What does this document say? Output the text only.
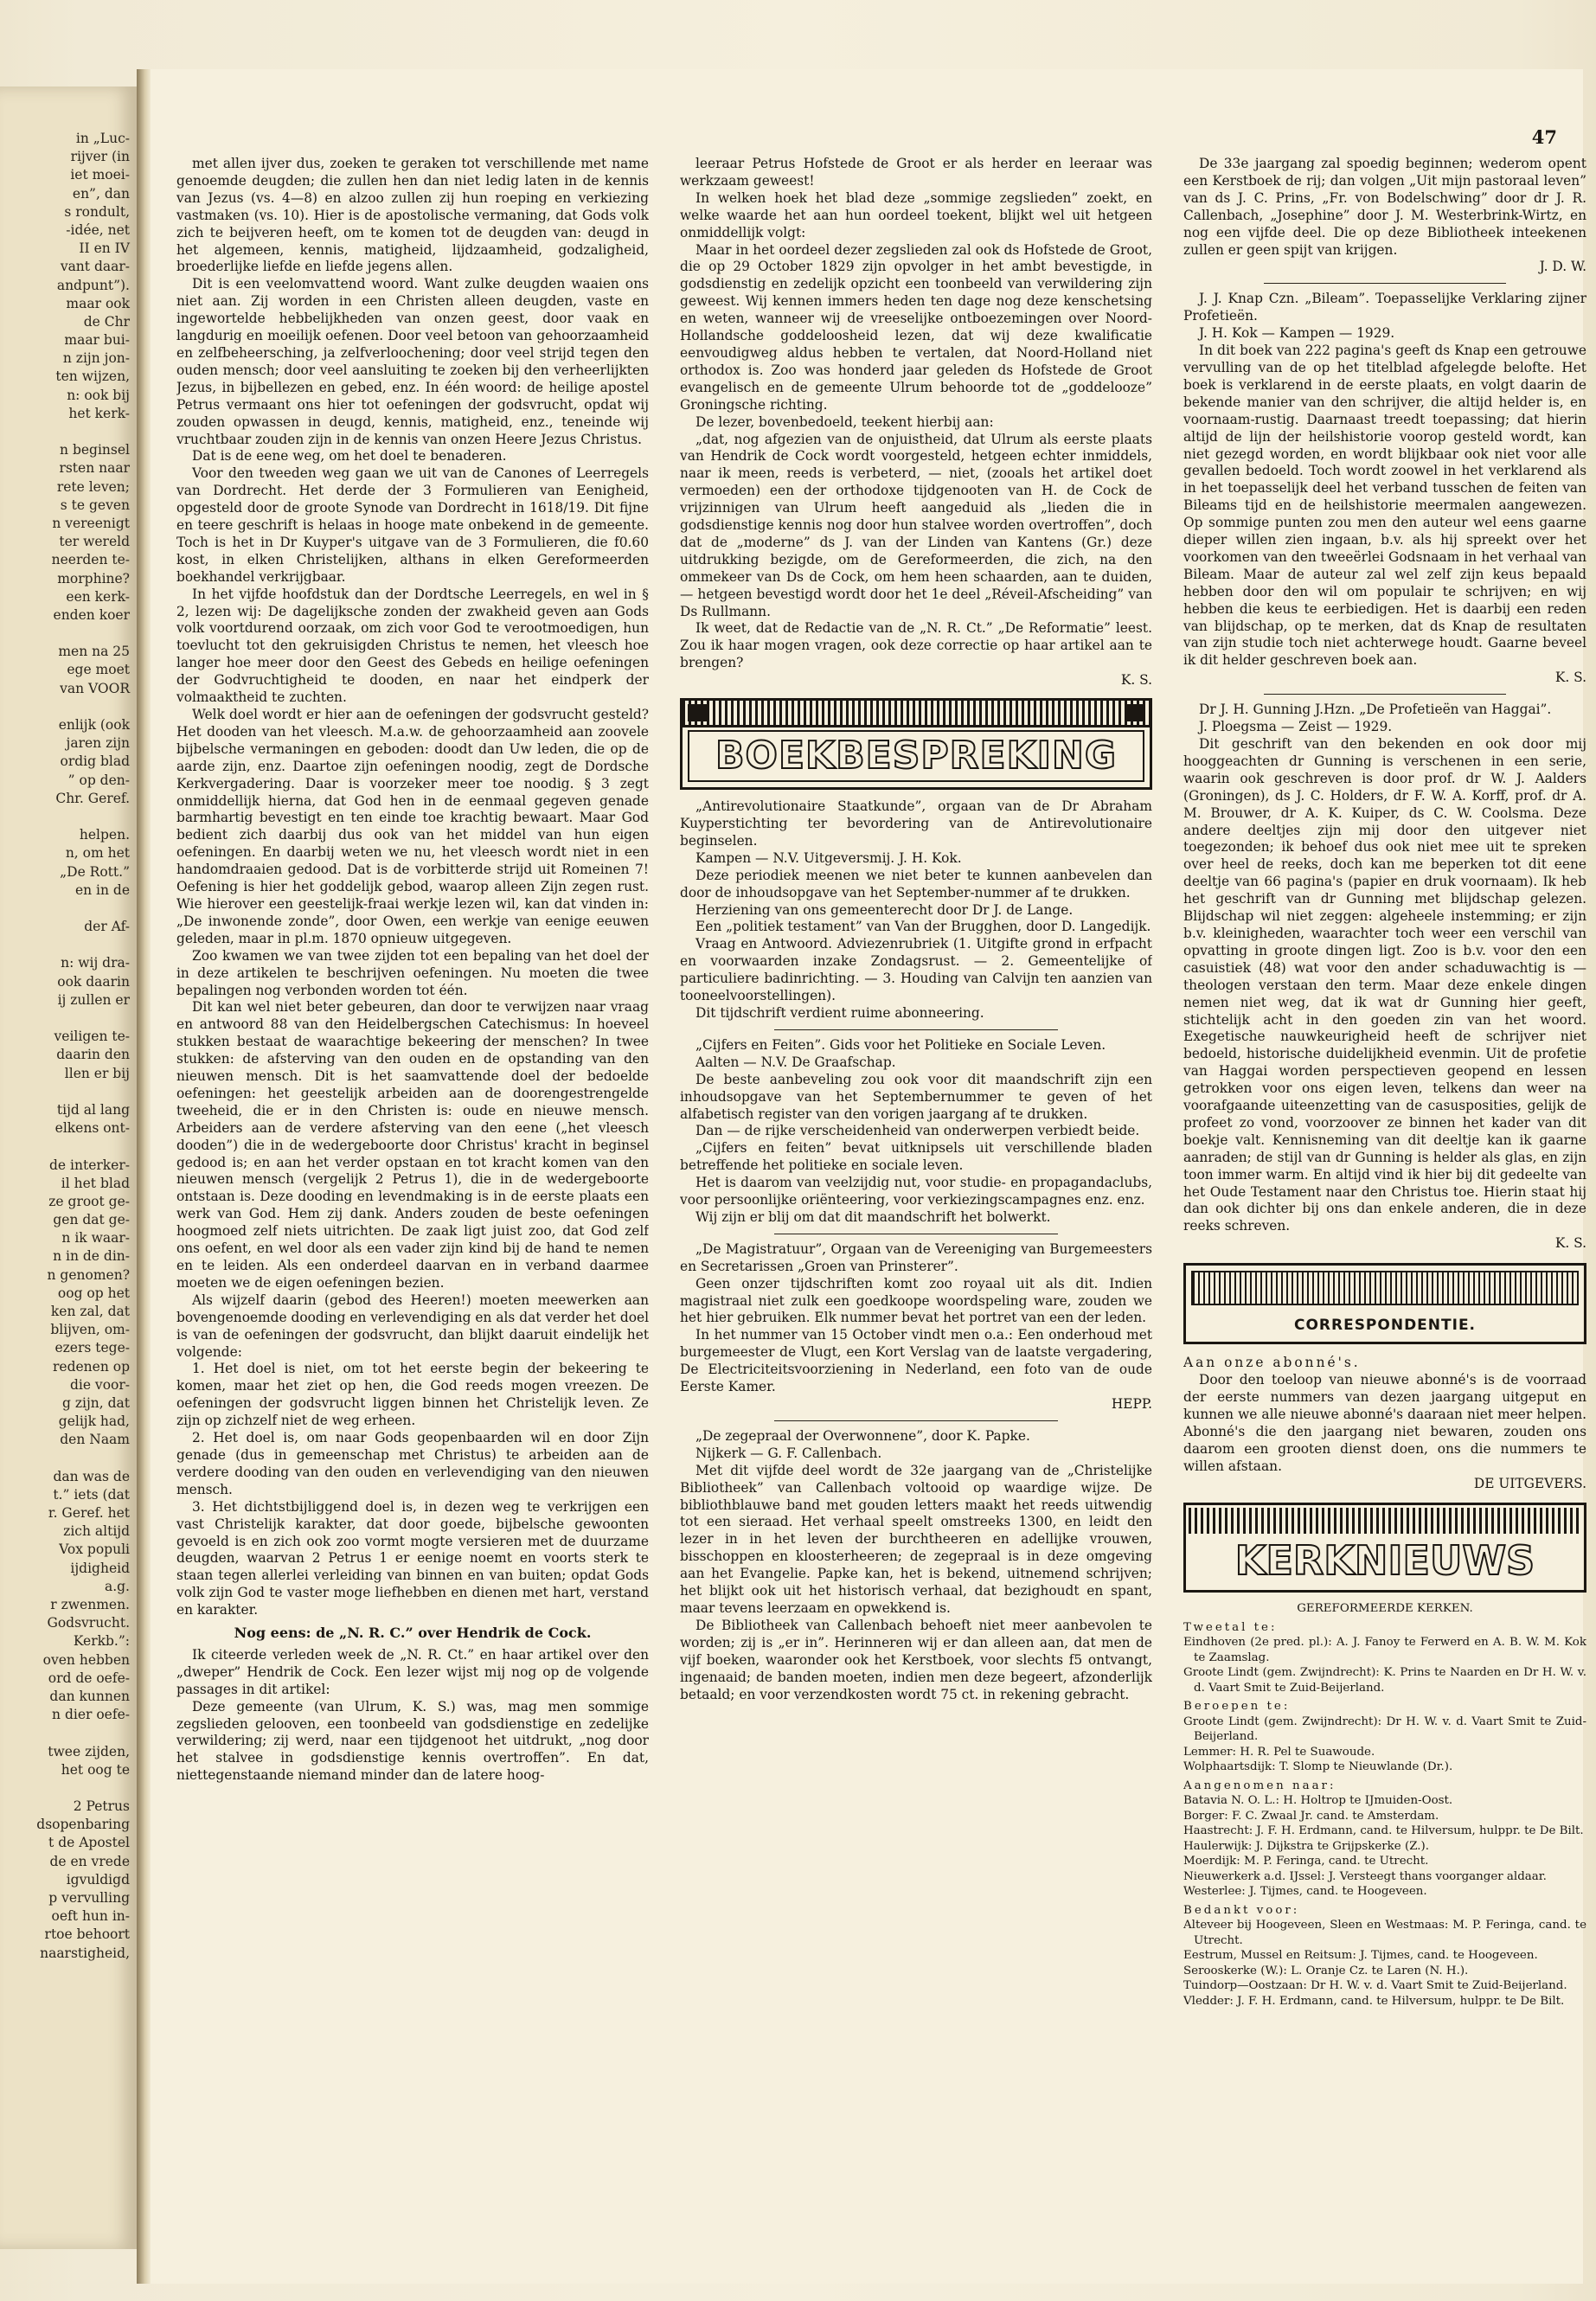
in „Luc-
rijver (in
iet moei-
en”, dan
s rondult,
-idée, net
II en IV
vant daar-
andpunt”).
maar ook
de Chr
maar bui-
n zijn jon-
ten wijzen,
n: ook bij
het kerk-
n beginsel
rsten naar
rete leven;
s te geven
n vereenigt
ter wereld
neerden te-
morphine?
een kerk-
enden koer
men na 25
ege moet
van VOOR
enlijk (ook
jaren zijn
ordig blad
” op den-
Chr. Geref.
helpen.
n, om het
„De Rott.”
en in de
der Af-
n: wij dra-
ook daarin
ij zullen er
veiligen te-
daarin den
llen er bij
tijd al lang
elkens ont-
de interker-
il het blad
ze groot ge-
gen dat ge-
n ik waar-
n in de din-
n genomen?
oog op het
ken zal, dat
blijven, om-
ezers tege-
redenen op
die voor-
g zijn, dat
gelijk had,
den Naam
dan was de
t.” iets (dat
r. Geref. het
zich altijd
Vox populi
ijdigheid
a.g.
r zwenmen.
Godsvrucht.
Kerkb.”:
oven hebben
ord de oefe-
dan kunnen
n dier oefe-
twee zijden,
het oog te
2 Petrus
dsopenbaring
t de Apostel
de en vrede
igvuldigd
p vervulling
oeft hun in-
rtoe behoort
naarstigheid,
47

met allen ijver dus, zoeken te geraken tot verschillende met name genoemde deugden; die zullen hen dan niet ledig laten in de kennis van Jezus (vs. 4—8) en alzoo zullen zij hun roeping en verkiezing vastmaken (vs. 10). Hier is de apostolische vermaning, dat Gods volk zich te beijveren heeft, om te komen tot de deugden van: deugd in het algemeen, kennis, matigheid, lijdzaamheid, godzaligheid, broederlijke liefde en liefde jegens allen.

Dit is een veelomvattend woord. Want zulke deugden waaien ons niet aan. Zij worden in een Christen alleen deugden, vaste en ingewortelde hebbelijkheden van onzen geest, door vaak en langdurig en moeilijk oefenen. Door veel betoon van gehoorzaamheid en zelfbeheersching, ja zelfverloochening; door veel strijd tegen den ouden mensch; door veel aansluiting te zoeken bij den verheerlijkten Jezus, in bijbellezen en gebed, enz. In één woord: de heilige apostel Petrus vermaant ons hier tot oefeningen der godsvrucht, opdat wij zouden opwassen in deugd, kennis, matigheid, enz., teneinde wij vruchtbaar zouden zijn in de kennis van onzen Heere Jezus Christus.

Dat is de eene weg, om het doel te benaderen.

Voor den tweeden weg gaan we uit van de Canones of Leerregels van Dordrecht. Het derde der 3 Formulieren van Eenigheid, opgesteld door de groote Synode van Dordrecht in 1618/19. Dit fijne en teere geschrift is helaas in hooge mate onbekend in de gemeente. Toch is het in Dr Kuyper's uitgave van de 3 Formulieren, die f0.60 kost, in elken Christelijken, althans in elken Gereformeerden boekhandel verkrijgbaar.

In het vijfde hoofdstuk dan der Dordtsche Leerregels, en wel in § 2, lezen wij: De dagelijksche zonden der zwakheid geven aan Gods volk voortdurend oorzaak, om zich voor God te verootmoedigen, hun toevlucht tot den gekruisigden Christus te nemen, het vleesch hoe langer hoe meer door den Geest des Gebeds en heilige oefeningen der Godvruchtigheid te dooden, en naar het eindperk der volmaaktheid te zuchten.

Welk doel wordt er hier aan de oefeningen der godsvrucht gesteld? Het dooden van het vleesch. M.a.w. de gehoorzaamheid aan zoovele bijbelsche vermaningen en geboden: doodt dan Uw leden, die op de aarde zijn, enz. Daartoe zijn oefeningen noodig, zegt de Dordsche Kerkvergadering. Daar is voorzeker meer toe noodig. § 3 zegt onmiddellijk hierna, dat God hen in de eenmaal gegeven genade barmhartig bevestigt en ten einde toe krachtig bewaart. Maar God bedient zich daarbij dus ook van het middel van hun eigen oefeningen. En daarbij weten we nu, het vleesch wordt niet in een handomdraaien gedood. Dat is de vorbitterde strijd uit Romeinen 7! Oefening is hier het goddelijk gebod, waarop alleen Zijn zegen rust. Wie hierover een geestelijk-fraai werkje lezen wil, kan dat vinden in: „De inwonende zonde”, door Owen, een werkje van eenige eeuwen geleden, maar in pl.m. 1870 opnieuw uitgegeven.

Zoo kwamen we van twee zijden tot een bepaling van het doel der in deze artikelen te beschrijven oefeningen. Nu moeten die twee bepalingen nog verbonden worden tot één.

Dit kan wel niet beter gebeuren, dan door te verwijzen naar vraag en antwoord 88 van den Heidelbergschen Catechismus: In hoeveel stukken bestaat de waarachtige bekeering der menschen? In twee stukken: de afsterving van den ouden en de opstanding van den nieuwen mensch. Dit is het saamvattende doel der bedoelde oefeningen: het geestelijk arbeiden aan de doorengestrengelde tweeheid, die er in den Christen is: oude en nieuwe mensch. Arbeiders aan de verdere afsterving van den eene („het vleesch dooden”) die in de wedergeboorte door Christus' kracht in beginsel gedood is; en aan het verder opstaan en tot kracht komen van den nieuwen mensch (vergelijk 2 Petrus 1), die in de wedergeboorte ontstaan is. Deze dooding en levendmaking is in de eerste plaats een werk van God. Hem zij dank. Anders zouden de beste oefeningen hoogmoed zelf niets uitrichten. De zaak ligt juist zoo, dat God zelf ons oefent, en wel door als een vader zijn kind bij de hand te nemen en te leiden. Als een onderdeel daarvan en in verband daarmee moeten we de eigen oefeningen bezien.

Als wijzelf daarin (gebod des Heeren!) moeten meewerken aan bovengenoemde dooding en verlevendiging en als dat verder het doel is van de oefeningen der godsvrucht, dan blijkt daaruit eindelijk het volgende:

1. Het doel is niet, om tot het eerste begin der bekeering te komen, maar het ziet op hen, die God reeds mogen vreezen. De oefeningen der godsvrucht liggen binnen het Christelijk leven. Ze zijn op zichzelf niet de weg erheen.

2. Het doel is, om naar Gods geopenbaarden wil en door Zijn genade (dus in gemeenschap met Christus) te arbeiden aan de verdere dooding van den ouden en verlevendiging van den nieuwen mensch.

3. Het dichtstbijliggend doel is, in dezen weg te verkrijgen een vast Christelijk karakter, dat door goede, bijbelsche gewoonten gevoeld is en zich ook zoo vormt mogte versieren met de duurzame deugden, waarvan 2 Petrus 1 er eenige noemt en voorts sterk te staan tegen allerlei verleiding van binnen en van buiten; opdat Gods volk zijn God te vaster moge liefhebben en dienen met hart, verstand en karakter.

Nog eens: de „N. R. C.” over Hendrik de Cock.

Ik citeerde verleden week de „N. R. Ct.” en haar artikel over den „dweper” Hendrik de Cock. Een lezer wijst mij nog op de volgende passages in dit artikel:

Deze gemeente (van Ulrum, K. S.) was, mag men sommige zegslieden gelooven, een toonbeeld van godsdienstige en zedelijke verwildering; zij werd, naar een tijdgenoot het uitdrukt, „nog door het stalvee in godsdienstige kennis overtroffen”. En dat, niettegenstaande niemand minder dan de latere hoog-

leeraar Petrus Hofstede de Groot er als herder en leeraar was werkzaam geweest!

In welken hoek het blad deze „sommige zegslieden” zoekt, en welke waarde het aan hun oordeel toekent, blijkt wel uit hetgeen onmiddellijk volgt:

Maar in het oordeel dezer zegslieden zal ook ds Hofstede de Groot, die op 29 October 1829 zijn opvolger in het ambt bevestigde, in godsdienstig en zedelijk opzicht een toonbeeld van verwildering zijn geweest. Wij kennen immers heden ten dage nog deze kenschetsing en weten, wanneer wij de vreeselijke ontboezemingen over Noord-Hollandsche goddeloosheid lezen, dat wij deze kwalificatie eenvoudigweg aldus hebben te vertalen, dat Noord-Holland niet orthodox is. Zoo was honderd jaar geleden ds Hofstede de Groot evangelisch en de gemeente Ulrum behoorde tot de „goddelooze” Groningsche richting.

De lezer, bovenbedoeld, teekent hierbij aan:

„dat, nog afgezien van de onjuistheid, dat Ulrum als eerste plaats van Hendrik de Cock wordt voorgesteld, hetgeen echter inmiddels, naar ik meen, reeds is verbeterd, — niet, (zooals het artikel doet vermoeden) een der orthodoxe tijdgenooten van H. de Cock de vrijzinnigen van Ulrum heeft aangeduid als „lieden die in godsdienstige kennis nog door hun stalvee worden overtroffen”, doch dat de „moderne” ds J. van der Linden van Kantens (Gr.) deze uitdrukking bezigde, om de Gereformeerden, die zich, na den ommekeer van Ds de Cock, om hem heen schaarden, aan te duiden, — hetgeen bevestigd wordt door het 1e deel „Réveil-Afscheiding” van Ds Rullmann.

Ik weet, dat de Redactie van de „N. R. Ct.” „De Reformatie” leest. Zou ik haar mogen vragen, ook deze correctie op haar artikel aan te brengen?

K. S.
BOEKBESPREKING

„Antirevolutionaire Staatkunde”, orgaan van de Dr Abraham Kuyperstichting ter bevordering van de Antirevolutionaire beginselen.

Kampen — N.V. Uitgeversmij. J. H. Kok.

Deze periodiek meenen we niet beter te kunnen aanbevelen dan door de inhoudsopgave van het September-nummer af te drukken.

Herziening van ons gemeenterecht door Dr J. de Lange.

Een „politiek testament” van Van der Brugghen, door D. Langedijk.

Vraag en Antwoord. Adviezenrubriek (1. Uitgifte grond in erfpacht en voorwaarden inzake Zondagsrust. — 2. Gemeentelijke of particuliere badinrichting. — 3. Houding van Calvijn ten aanzien van tooneelvoorstellingen).

Dit tijdschrift verdient ruime abonneering.

„Cijfers en Feiten”. Gids voor het Politieke en Sociale Leven.

Aalten — N.V. De Graafschap.

De beste aanbeveling zou ook voor dit maandschrift zijn een inhoudsopgave van het Septembernummer te geven of het alfabetisch register van den vorigen jaargang af te drukken.

Dan — de rijke verscheidenheid van onderwerpen verbiedt beide.

„Cijfers en feiten” bevat uitknipsels uit verschillende bladen betreffende het politieke en sociale leven.

Het is daarom van veelzijdig nut, voor studie- en propagandaclubs, voor persoonlijke oriënteering, voor verkiezingscampagnes enz. enz.

Wij zijn er blij om dat dit maandschrift het bolwerkt.

„De Magistratuur”, Orgaan van de Vereeniging van Burgemeesters en Secretarissen „Groen van Prinsterer”.

Geen onzer tijdschriften komt zoo royaal uit als dit. Indien magistraal niet zulk een goedkoope woordspeling ware, zouden we het hier gebruiken. Elk nummer bevat het portret van een der leden.

In het nummer van 15 October vindt men o.a.: Een onderhoud met burgemeester de Vlugt, een Kort Verslag van de laatste vergadering, De Electriciteitsvoorziening in Nederland, een foto van de oude Eerste Kamer.

HEPP.

„De zegepraal der Overwonnene”, door K. Papke.

Nijkerk — G. F. Callenbach.

Met dit vijfde deel wordt de 32e jaargang van de „Christelijke Bibliotheek” van Callenbach voltooid op waardige wijze. De bibliothblauwe band met gouden letters maakt het reeds uitwendig tot een sieraad. Het verhaal speelt omstreeks 1300, en leidt den lezer in in het leven der burchtheeren en adellijke vrouwen, bisschoppen en kloosterheeren; de zegepraal is in deze omgeving aan het Evangelie. Papke kan, het is bekend, uitnemend schrijven; het blijkt ook uit het historisch verhaal, dat bezighoudt en spant, maar tevens leerzaam en opwekkend is.

De Bibliotheek van Callenbach behoeft niet meer aanbevolen te worden; zij is „er in”. Herinneren wij er dan alleen aan, dat men de vijf boeken, waaronder ook het Kerstboek, voor slechts f5 ontvangt, ingenaaid; de banden moeten, indien men deze begeert, afzonderlijk betaald; en voor verzendkosten wordt 75 ct. in rekening gebracht.

De 33e jaargang zal spoedig beginnen; wederom opent een Kerstboek de rij; dan volgen „Uit mijn pastoraal leven” van ds J. C. Prins, „Fr. von Bodelschwing” door dr J. R. Callenbach, „Josephine” door J. M. Westerbrink-Wirtz, en nog een vijfde deel. Die op deze Bibliotheek inteekenen zullen er geen spijt van krijgen.

J. D. W.

J. J. Knap Czn. „Bileam”. Toepasselijke Verklaring zijner Profetieën.

J. H. Kok — Kampen — 1929.

In dit boek van 222 pagina's geeft ds Knap een getrouwe vervulling van de op het titelblad afgelegde belofte. Het boek is verklarend in de eerste plaats, en volgt daarin de bekende manier van den schrijver, die altijd helder is, en voornaam-rustig. Daarnaast treedt toepassing; dat hierin altijd de lijn der heilshistorie voorop gesteld wordt, kan niet gezegd worden, en wordt blijkbaar ook niet voor alle gevallen bedoeld. Toch wordt zoowel in het verklarend als in het toepasselijk deel het verband tusschen de feiten van Bileams tijd en de heilshistorie meermalen aangewezen. Op sommige punten zou men den auteur wel eens gaarne dieper willen zien ingaan, b.v. als hij spreekt over het voorkomen van den tweeërlei Godsnaam in het verhaal van Bileam. Maar de auteur zal wel zelf zijn keus bepaald hebben door den wil om populair te schrijven; en wij hebben die keus te eerbiedigen. Het is daarbij een reden van blijdschap, op te merken, dat ds Knap de resultaten van zijn studie toch niet achterwege houdt. Gaarne beveel ik dit helder geschreven boek aan.

K. S.

Dr J. H. Gunning J.Hzn. „De Profetieën van Haggai”.

J. Ploegsma — Zeist — 1929.

Dit geschrift van den bekenden en ook door mij hooggeachten dr Gunning is verschenen in een serie, waarin ook geschreven is door prof. dr W. J. Aalders (Groningen), ds J. C. Holders, dr F. W. A. Korff, prof. dr A. M. Brouwer, dr A. K. Kuiper, ds C. W. Coolsma. Deze andere deeltjes zijn mij door den uitgever niet toegezonden; ik behoef dus ook niet mee uit te spreken over heel de reeks, doch kan me beperken tot dit eene deeltje van 66 pagina's (papier en druk voornaam). Ik heb het geschrift van dr Gunning met blijdschap gelezen. Blijdschap wil niet zeggen: algeheele instemming; er zijn b.v. kleinigheden, waarachter toch weer een verschil van opvatting in groote dingen ligt. Zoo is b.v. voor den een casuistiek (48) wat voor den ander schaduwachtig is — theologen verstaan den term. Maar deze enkele dingen nemen niet weg, dat ik wat dr Gunning hier geeft, stichtelijk acht in den goeden zin van het woord. Exegetische nauwkeurigheid heeft de schrijver niet bedoeld, historische duidelijkheid evenmin. Uit de profetie van Haggai worden perspectieven geopend en lessen getrokken voor ons eigen leven, telkens dan weer na voorafgaande uiteenzetting van de casusposities, gelijk de profeet zo vond, voorzoover ze binnen het kader van dit boekje valt. Kennisneming van dit deeltje kan ik gaarne aanraden; de stijl van dr Gunning is helder als glas, en zijn toon immer warm. En altijd vind ik hier bij dit gedeelte van het Oude Testament naar den Christus toe. Hierin staat hij dan ook dichter bij ons dan enkele anderen, die in deze reeks schreven.

K. S.
CORRESPONDENTIE.

Aan onze abonné's.

Door den toeloop van nieuwe abonné's is de voorraad der eerste nummers van dezen jaargang uitgeput en kunnen we alle nieuwe abonné's daaraan niet meer helpen. Abonné's die den jaargang niet bewaren, zouden ons daarom een grooten dienst doen, ons die nummers te willen afstaan.

DE UITGEVERS.
KERKNIEUWS
GEREFORMEERDE KERKEN.

Tweetal te:

Eindhoven (2e pred. pl.): A. J. Fanoy te Ferwerd en A. B. W. M. Kok te Zaamslag.

Groote Lindt (gem. Zwijndrecht): K. Prins te Naarden en Dr H. W. v. d. Vaart Smit te Zuid-Beijerland.

Beroepen te:

Groote Lindt (gem. Zwijndrecht): Dr H. W. v. d. Vaart Smit te Zuid-Beijerland.

Lemmer: H. R. Pel te Suawoude.

Wolphaartsdijk: T. Slomp te Nieuwlande (Dr.).

Aangenomen naar:

Batavia N. O. L.: H. Holtrop te IJmuiden-Oost.

Borger: F. C. Zwaal Jr. cand. te Amsterdam.

Haastrecht: J. F. H. Erdmann, cand. te Hilversum, hulppr. te De Bilt.

Haulerwijk: J. Dijkstra te Grijpskerke (Z.).

Moerdijk: M. P. Feringa, cand. te Utrecht.

Nieuwerkerk a.d. IJssel: J. Versteegt thans voorganger aldaar.

Westerlee: J. Tijmes, cand. te Hoogeveen.

Bedankt voor:

Altevеer bij Hoogeveen, Sleen en Westmaas: M. P. Feringa, cand. te Utrecht.

Eestrum, Mussel en Reitsum: J. Tijmes, cand. te Hoogeveen.

Serooskerke (W.): L. Oranje Cz. te Laren (N. H.).

Tuindorp—Oostzaan: Dr H. W. v. d. Vaart Smit te Zuid-Beijerland.

Vledder: J. F. H. Erdmann, cand. te Hilversum, hulppr. te De Bilt.
